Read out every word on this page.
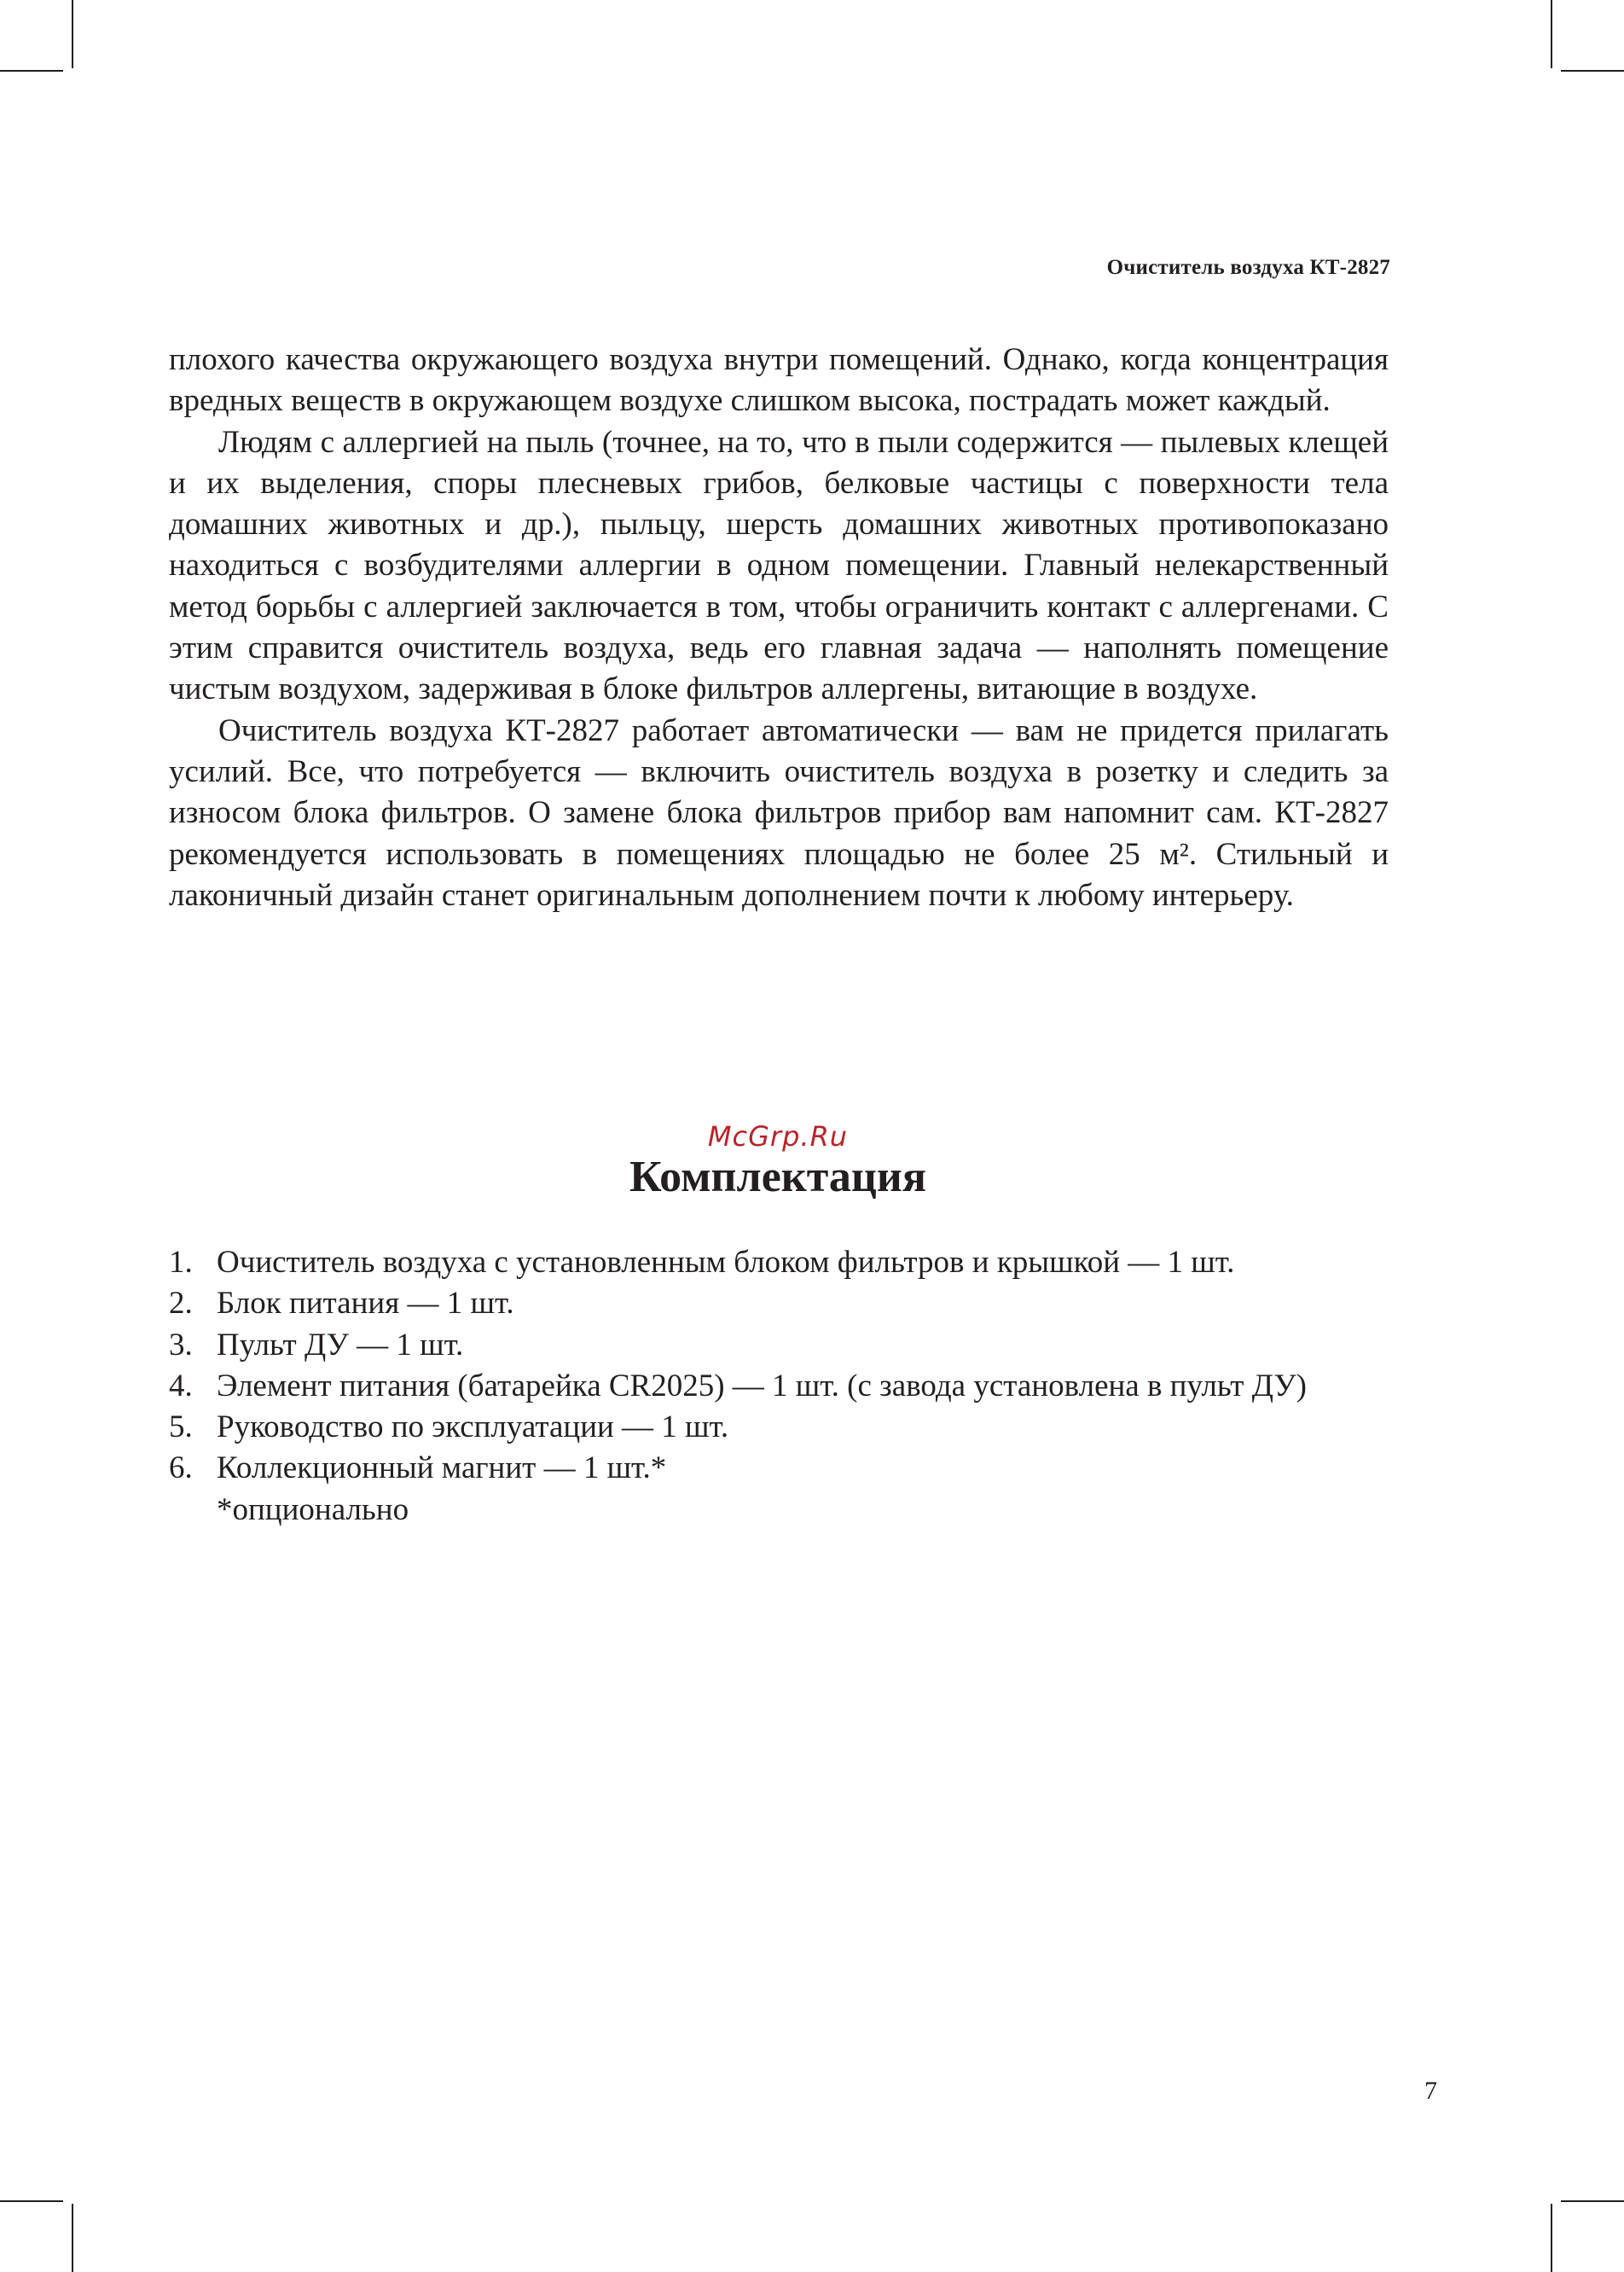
Очиститель воздуха КТ-2827

плохого качества окружающего воздуха внутри помещений. Однако, когда концентрация вредных веществ в окружающем воздухе слишком высока, пострадать может каждый.

Людям с аллергией на пыль (точнее, на то, что в пыли содержится — пылевых клещей и их выделения, споры плесневых грибов, белковые частицы с поверхности тела домашних животных и др.), пыльцу, шерсть домашних животных противопоказано находиться с возбудителями аллергии в одном помещении. Главный нелекарственный метод борьбы с аллергией заключается в том, чтобы ограничить контакт с аллергенами. С этим справится очиститель воздуха, ведь его главная задача — наполнять помещение чистым воздухом, задерживая в блоке фильтров аллергены, витающие в воздухе.

Очиститель воздуха КТ-2827 работает автоматически — вам не придется прилагать усилий. Все, что потребуется — включить очиститель воздуха в розетку и следить за износом блока фильтров. О замене блока фильтров прибор вам напомнит сам. КТ-2827 рекомендуется использовать в помещениях площадью не более 25 м². Стильный и лаконичный дизайн станет оригинальным дополнением почти к любому интерьеру.

McGrp.Ru
Комплектация
1. Очиститель воздуха с установленным блоком фильтров и крышкой — 1 шт.
2. Блок питания — 1 шт.
3. Пульт ДУ — 1 шт.
4. Элемент питания (батарейка CR2025) — 1 шт. (с завода установлена в пульт ДУ)
5. Руководство по эксплуатации — 1 шт.
6. Коллекционный магнит — 1 шт.*
*опционально
7
